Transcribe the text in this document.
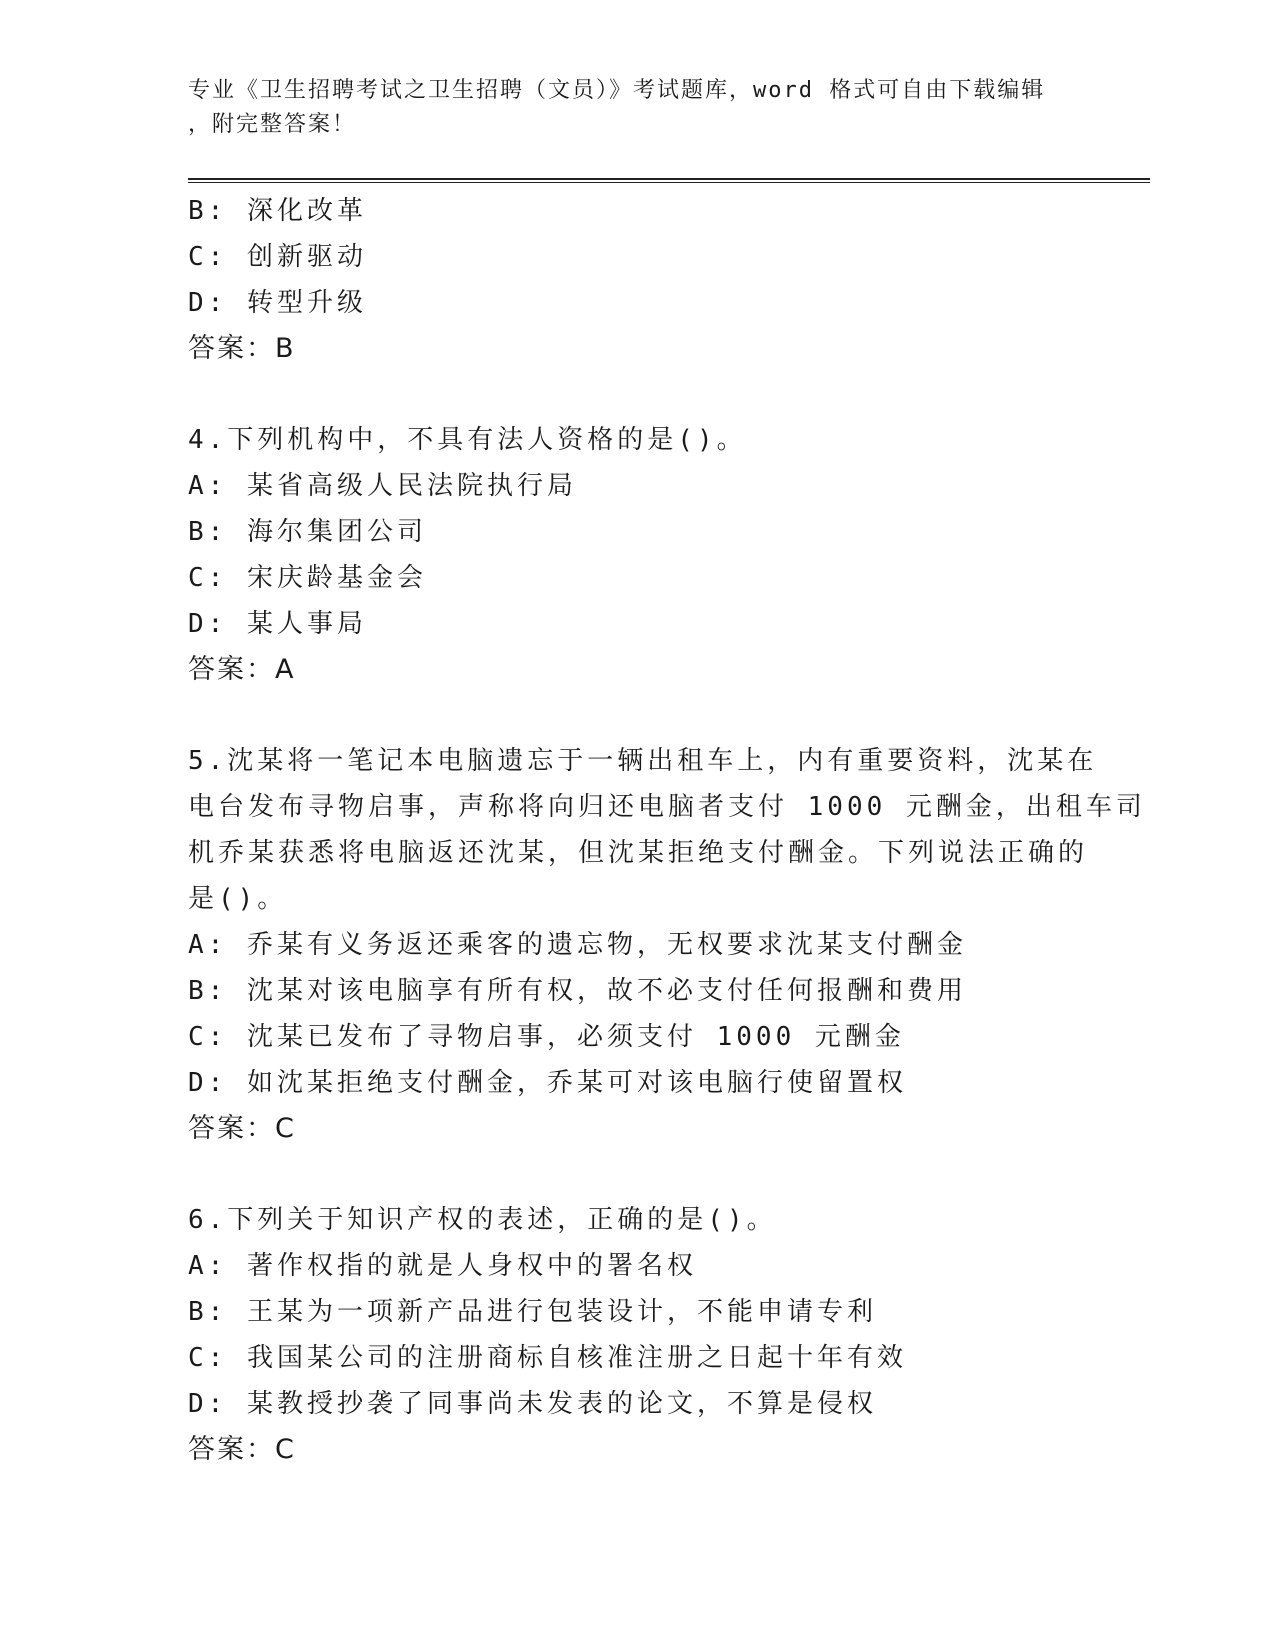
专业《卫生招聘考试之卫生招聘（文员）》考试题库，word 格式可自由下载编辑
，附完整答案！
B: 深化改革
C: 创新驱动
D: 转型升级
答案：B
4.下列机构中，不具有法人资格的是()。
A: 某省高级人民法院执行局
B: 海尔集团公司
C: 宋庆龄基金会
D: 某人事局
答案：A
5.沈某将一笔记本电脑遗忘于一辆出租车上，内有重要资料，沈某在
电台发布寻物启事，声称将向归还电脑者支付 1000 元酬金，出租车司
机乔某获悉将电脑返还沈某，但沈某拒绝支付酬金。下列说法正确的
是()。
A: 乔某有义务返还乘客的遗忘物，无权要求沈某支付酬金
B: 沈某对该电脑享有所有权，故不必支付任何报酬和费用
C: 沈某已发布了寻物启事，必须支付 1000 元酬金
D: 如沈某拒绝支付酬金，乔某可对该电脑行使留置权
答案：C
6.下列关于知识产权的表述，正确的是()。
A: 著作权指的就是人身权中的署名权
B: 王某为一项新产品进行包装设计，不能申请专利
C: 我国某公司的注册商标自核准注册之日起十年有效
D: 某教授抄袭了同事尚未发表的论文，不算是侵权
答案：C
